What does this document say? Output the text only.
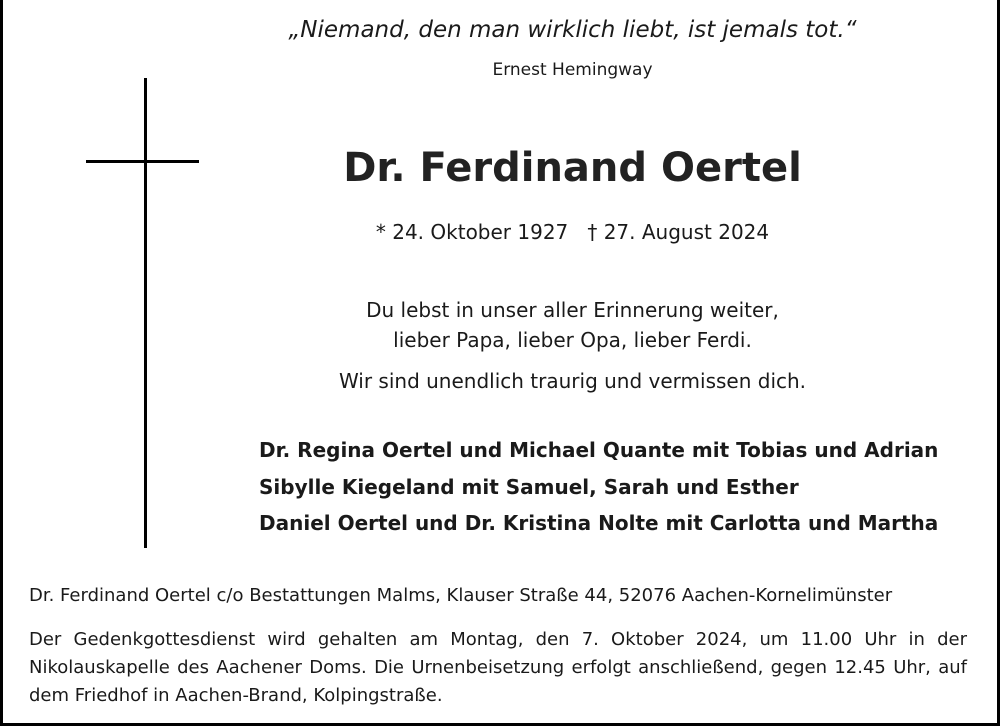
„Niemand, den man wirklich liebt, ist jemals tot.“
Ernest Hemingway
Dr. Ferdinand Oertel
* 24. Oktober 1927   † 27. August 2024
Du lebst in unser aller Erinnerung weiter,
lieber Papa, lieber Opa, lieber Ferdi.
Wir sind unendlich traurig und vermissen dich.
Dr. Regina Oertel und Michael Quante mit Tobias und Adrian
Sibylle Kiegeland mit Samuel, Sarah und Esther
Daniel Oertel und Dr. Kristina Nolte mit Carlotta und Martha
Dr. Ferdinand Oertel c/o Bestattungen Malms, Klauser Straße 44, 52076 Aachen-Kornelimünster
Der Gedenkgottesdienst wird gehalten am Montag, den 7. Oktober 2024, um 11.00 Uhr in der Nikolauskapelle des Aachener Doms. Die Urnenbeisetzung erfolgt anschließend, gegen 12.45 Uhr, auf dem Friedhof in Aachen-Brand, Kolpingstraße.
